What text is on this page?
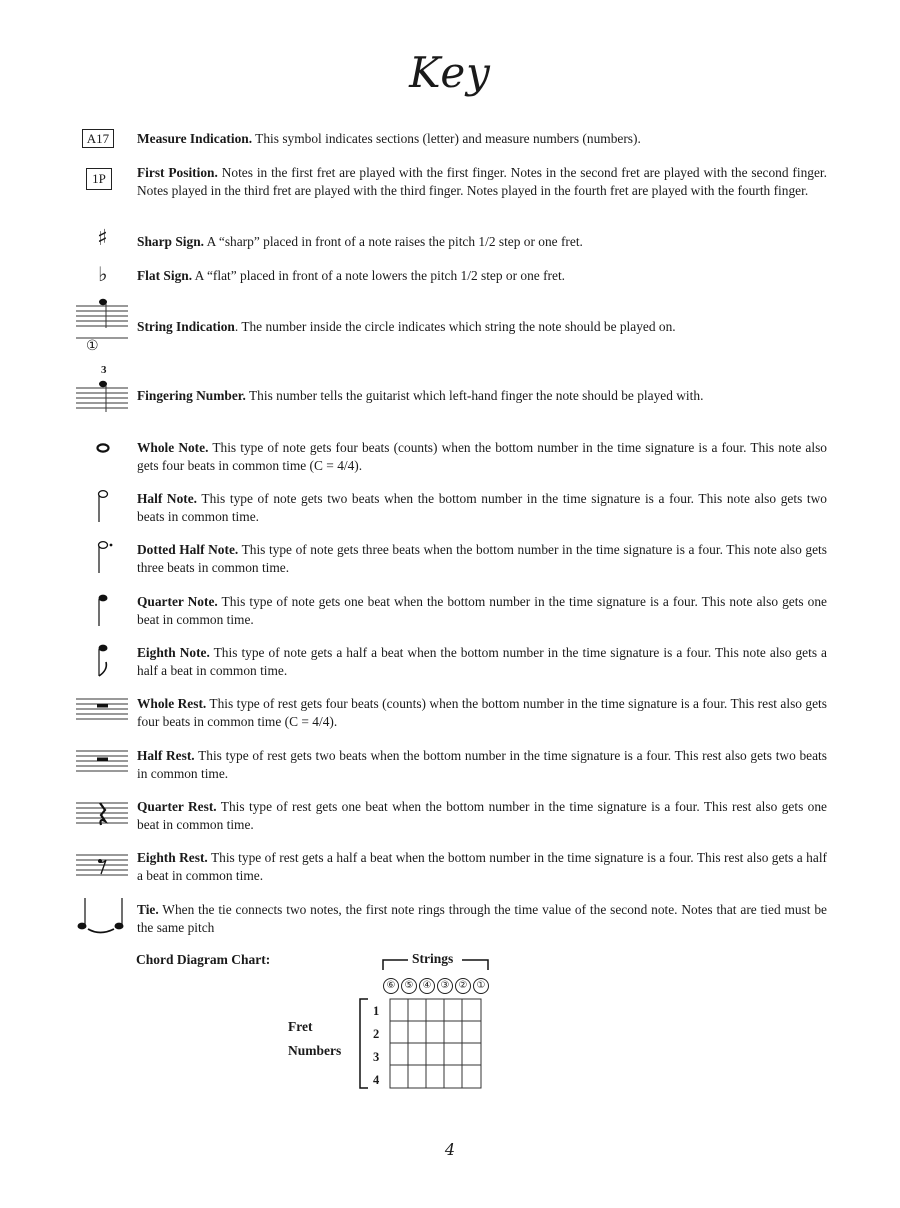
Key
A17
1P
♯
♭
①
3
Measure Indication. This symbol indicates sections (letter) and measure numbers (numbers).
First Position. Notes in the first fret are played with the first finger. Notes in the second fret are played with the second finger. Notes played in the third fret are played with the third finger. Notes played in the fourth fret are played with the fourth finger.
Sharp Sign. A “sharp” placed in front of a note raises the pitch 1/2 step or one fret.
Flat Sign. A “flat” placed in front of a note lowers the pitch 1/2 step or one fret.
String Indication. The number inside the circle indicates which string the note should be played on.
Fingering Number. This number tells the guitarist which left-hand finger the note should be played with.
Whole Note. This type of note gets four beats (counts) when the bottom number in the time signature is a four. This note also gets four beats in common time (C = 4/4).
Half Note. This type of note gets two beats when the bottom number in the time signature is a four. This note also gets two beats in common time.
Dotted Half Note. This type of note gets three beats when the bottom number in the time signature is a four. This note also gets three beats in common time.
Quarter Note. This type of note gets one beat when the bottom number in the time signature is a four. This note also gets one beat in common time.
Eighth Note. This type of note gets a half a beat when the bottom number in the time signature is a four. This note also gets a half a beat in common time.
Whole Rest. This type of rest gets four beats (counts) when the bottom number in the time signature is a four. This rest also gets four beats in common time (C = 4/4).
Half Rest. This type of rest gets two beats when the bottom number in the time signature is a four. This rest also gets two beats in common time.
Quarter Rest. This type of rest gets one beat when the bottom number in the time signature is a four. This rest also gets one beat in common time.
Eighth Rest. This type of rest gets a half a beat when the bottom number in the time signature is a four. This rest also gets a half a beat in common time.
Tie. When the tie connects two notes, the first note rings through the time value of the second note. Notes that are tied must be the same pitch
Chord Diagram Chart:	Strings
⑥ ⑤ ④ ③ ② ①
Fret
Numbers
1
2
3
4
4
